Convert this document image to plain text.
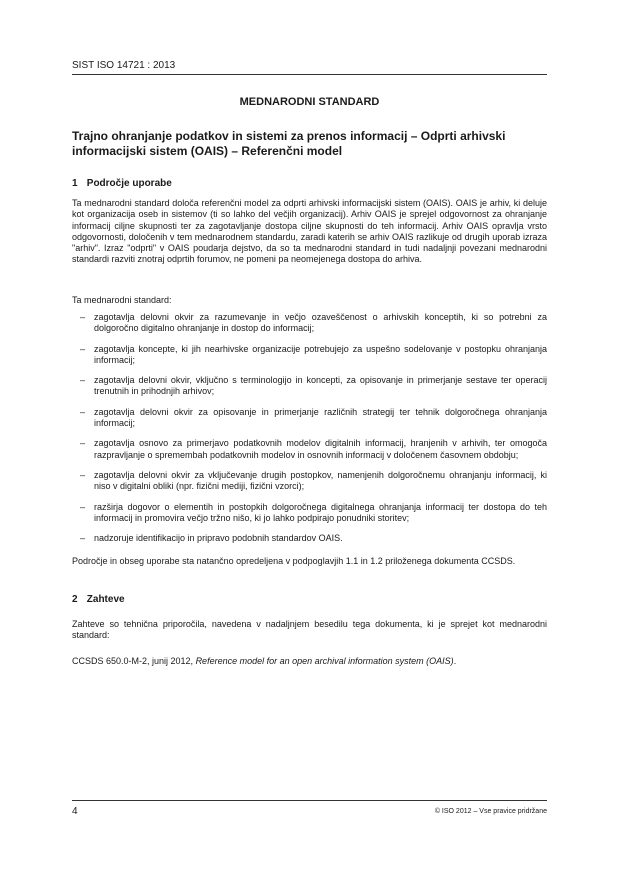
SIST ISO 14721 : 2013
MEDNARODNI STANDARD
Trajno ohranjanje podatkov in sistemi za prenos informacij – Odprti arhivski informacijski sistem (OAIS) – Referenčni model
1 Področje uporabe
Ta mednarodni standard določa referenčni model za odprti arhivski informacijski sistem (OAIS). OAIS je arhiv, ki deluje kot organizacija oseb in sistemov (ti so lahko del večjih organizacij). Arhiv OAIS je sprejel odgovornost za ohranjanje informacij ciljne skupnosti ter za zagotavljanje dostopa ciljne skupnosti do teh informacij. Arhiv OAIS opravlja vrsto odgovornosti, določenih v tem mednarodnem standardu, zaradi katerih se arhiv OAIS razlikuje od drugih uporab izraza "arhiv". Izraz "odprti" v OAIS poudarja dejstvo, da so ta mednarodni standard in tudi nadaljnji povezani mednarodni standardi razviti znotraj odprtih forumov, ne pomeni pa neomejenega dostopa do arhiva.
Ta mednarodni standard:
– zagotavlja delovni okvir za razumevanje in večjo ozaveščenost o arhivskih konceptih, ki so potrebni za dolgoročno digitalno ohranjanje in dostop do informacij;
– zagotavlja koncepte, ki jih nearhivske organizacije potrebujejo za uspešno sodelovanje v postopku ohranjanja informacij;
– zagotavlja delovni okvir, vključno s terminologijo in koncepti, za opisovanje in primerjanje sestave ter operacij trenutnih in prihodnjih arhivov;
– zagotavlja delovni okvir za opisovanje in primerjanje različnih strategij ter tehnik dolgoročnega ohranjanja informacij;
– zagotavlja osnovo za primerjavo podatkovnih modelov digitalnih informacij, hranjenih v arhivih, ter omogoča razpravljanje o spremembah podatkovnih modelov in osnovnih informacij v določenem časovnem obdobju;
– zagotavlja delovni okvir za vključevanje drugih postopkov, namenjenih dolgoročnemu ohranjanju informacij, ki niso v digitalni obliki (npr. fizični mediji, fizični vzorci);
– razširja dogovor o elementih in postopkih dolgoročnega digitalnega ohranjanja informacij ter dostopa do teh informacij in promovira večjo tržno nišo, ki jo lahko podpirajo ponudniki storitev;
– nadzoruje identifikacijo in pripravo podobnih standardov OAIS.
Področje in obseg uporabe sta natančno opredeljena v podpoglavjih 1.1 in 1.2 priloženega dokumenta CCSDS.
2 Zahteve
Zahteve so tehnična priporočila, navedena v nadaljnjem besedilu tega dokumenta, ki je sprejet kot mednarodni standard:
CCSDS 650.0-M-2, junij 2012, Reference model for an open archival information system (OAIS).
4	© ISO 2012 – Vse pravice pridržane
